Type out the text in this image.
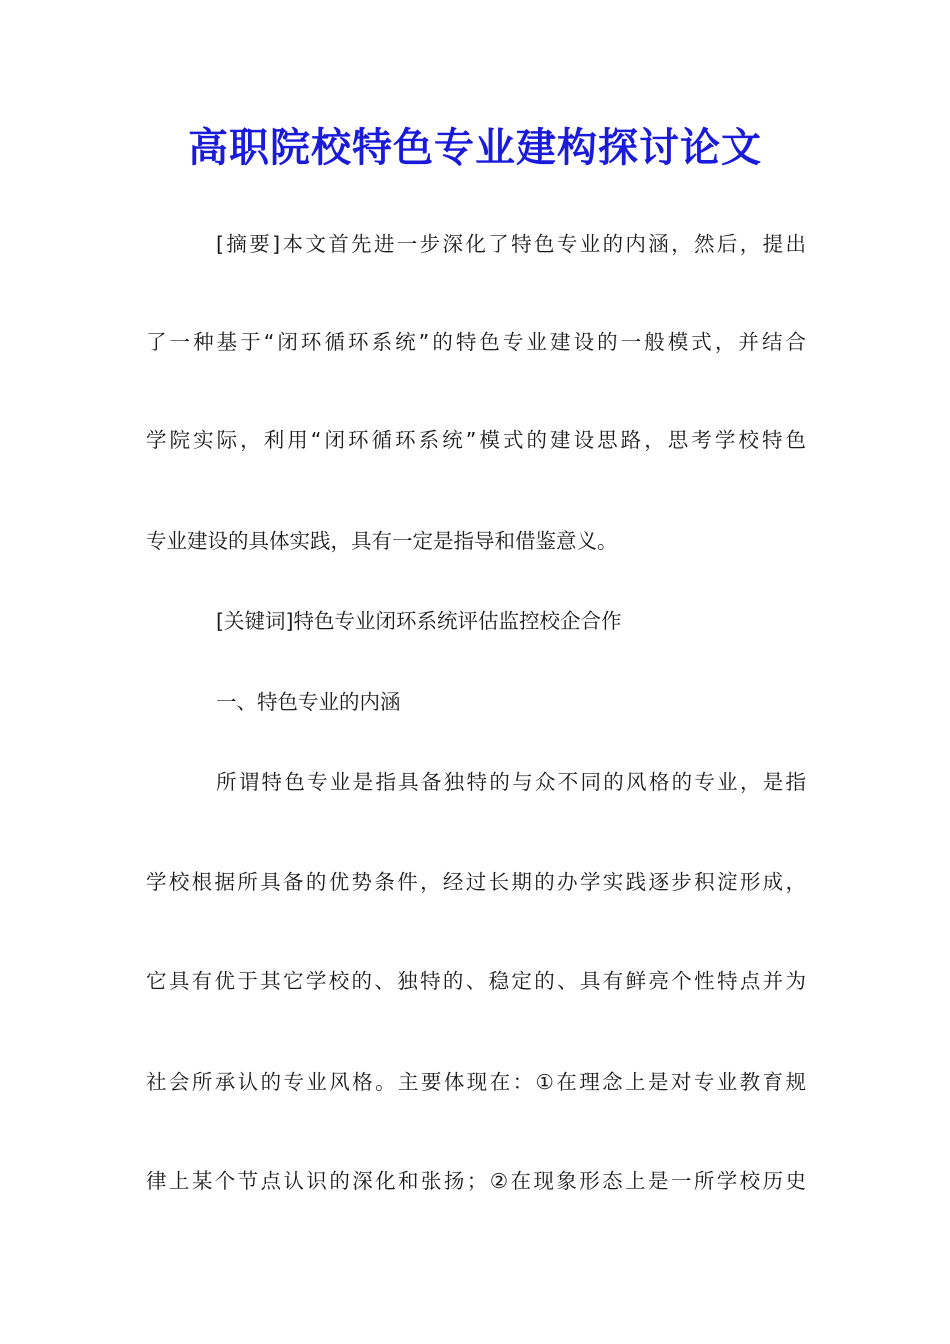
高职院校特色专业建构探讨论文

[摘要]本文首先进一步深化了特色专业的内涵，然后，提出

了一种基于“闭环循环系统”的特色专业建设的一般模式，并结合

学院实际，利用“闭环循环系统”模式的建设思路，思考学校特色

专业建设的具体实践，具有一定是指导和借鉴意义。

[关键词]特色专业闭环系统评估监控校企合作

一、特色专业的内涵

所谓特色专业是指具备独特的与众不同的风格的专业，是指

学校根据所具备的优势条件，经过长期的办学实践逐步积淀形成，

它具有优于其它学校的、独特的、稳定的、具有鲜亮个性特点并为

社会所承认的专业风格。主要体现在：①在理念上是对专业教育规

律上某个节点认识的深化和张扬；②在现象形态上是一所学校历史
